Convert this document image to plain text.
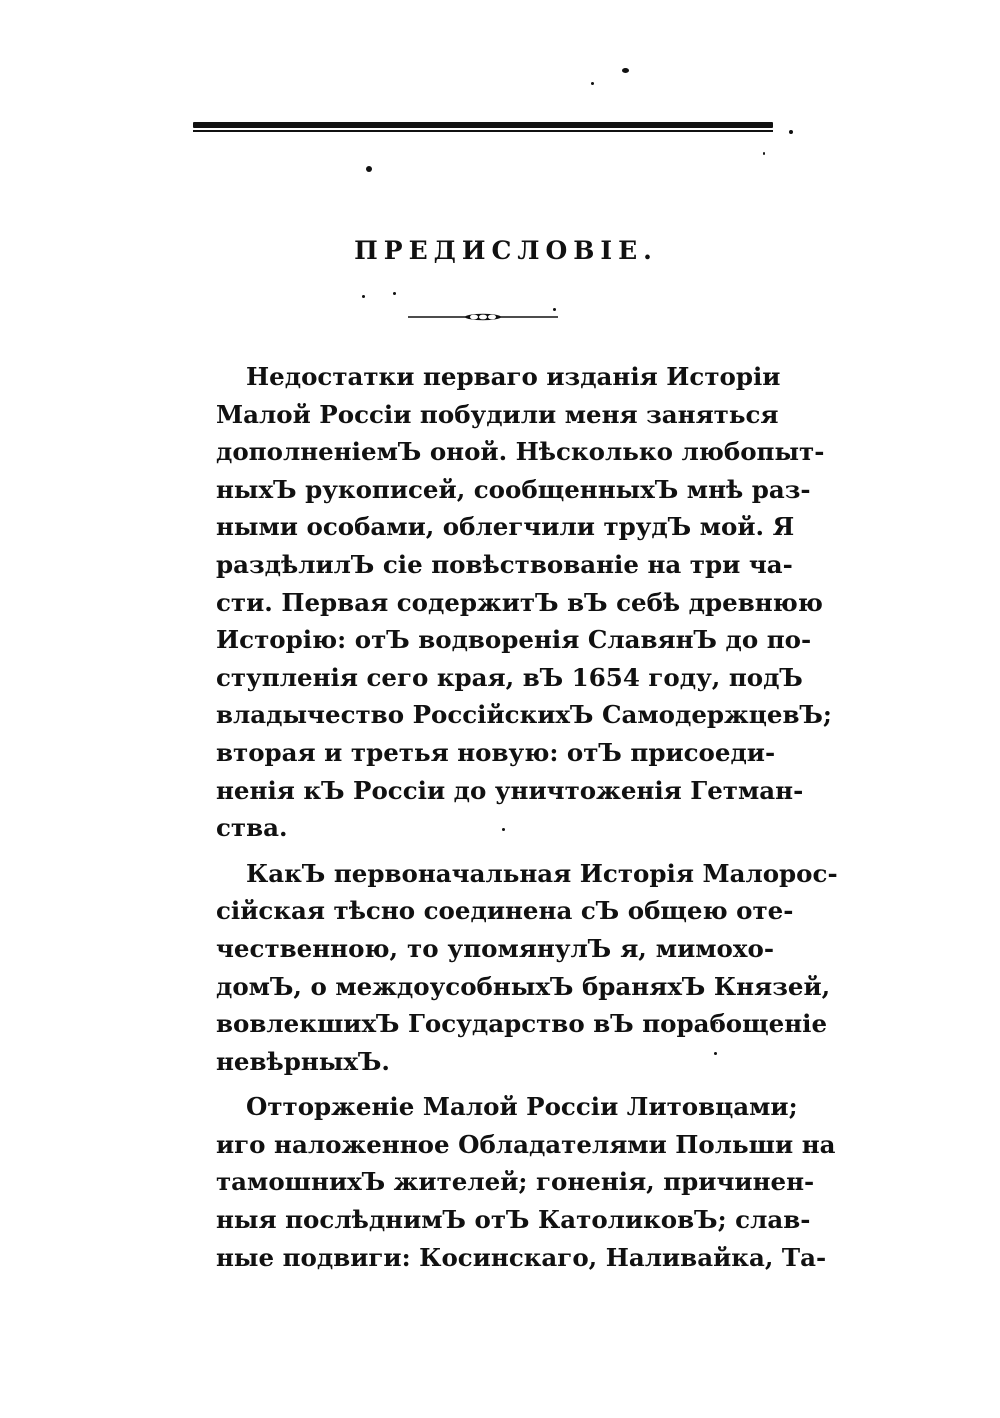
ПРЕДИСЛОВІЕ.
Недостатки перваго изданія Исторіи
Малой Россіи побудили меня заняться
дополненіемЪ оной. Нѣсколько любопыт-
ныхЪ рукописей, сообщенныхЪ мнѣ раз-
ными особами, облегчили трудЪ мой. Я
раздѣлилЪ сіе повѣствованіе на три ча-
сти. Первая содержитЪ вЪ себѣ древнюю
Исторію: отЪ водворенія СлавянЪ до по-
ступленія сего края, вЪ 1654 году, подЪ
владычество РоссійскихЪ СамодержцевЪ;
вторая и третья новую: отЪ присоеди-
ненія кЪ Россіи до уничтоженія Гетман-
ства.
КакЪ первоначальная Исторія Малорос-
сійская тѣсно соединена сЪ общею оте-
чественною, то упомянулЪ я, мимохо-
домЪ, о междоусобныхЪ браняхЪ Князей,
вовлекшихЪ Государство вЪ порабощеніе
невѣрныхЪ.
Отторженіе Малой Россіи Литовцами;
иго наложенное Обладателями Польши на
тамошнихЪ жителей; гоненія, причинен-
ныя послѣднимЪ отЪ КатоликовЪ; слав-
ные подвиги: Косинскаго, Наливайка, Та-
